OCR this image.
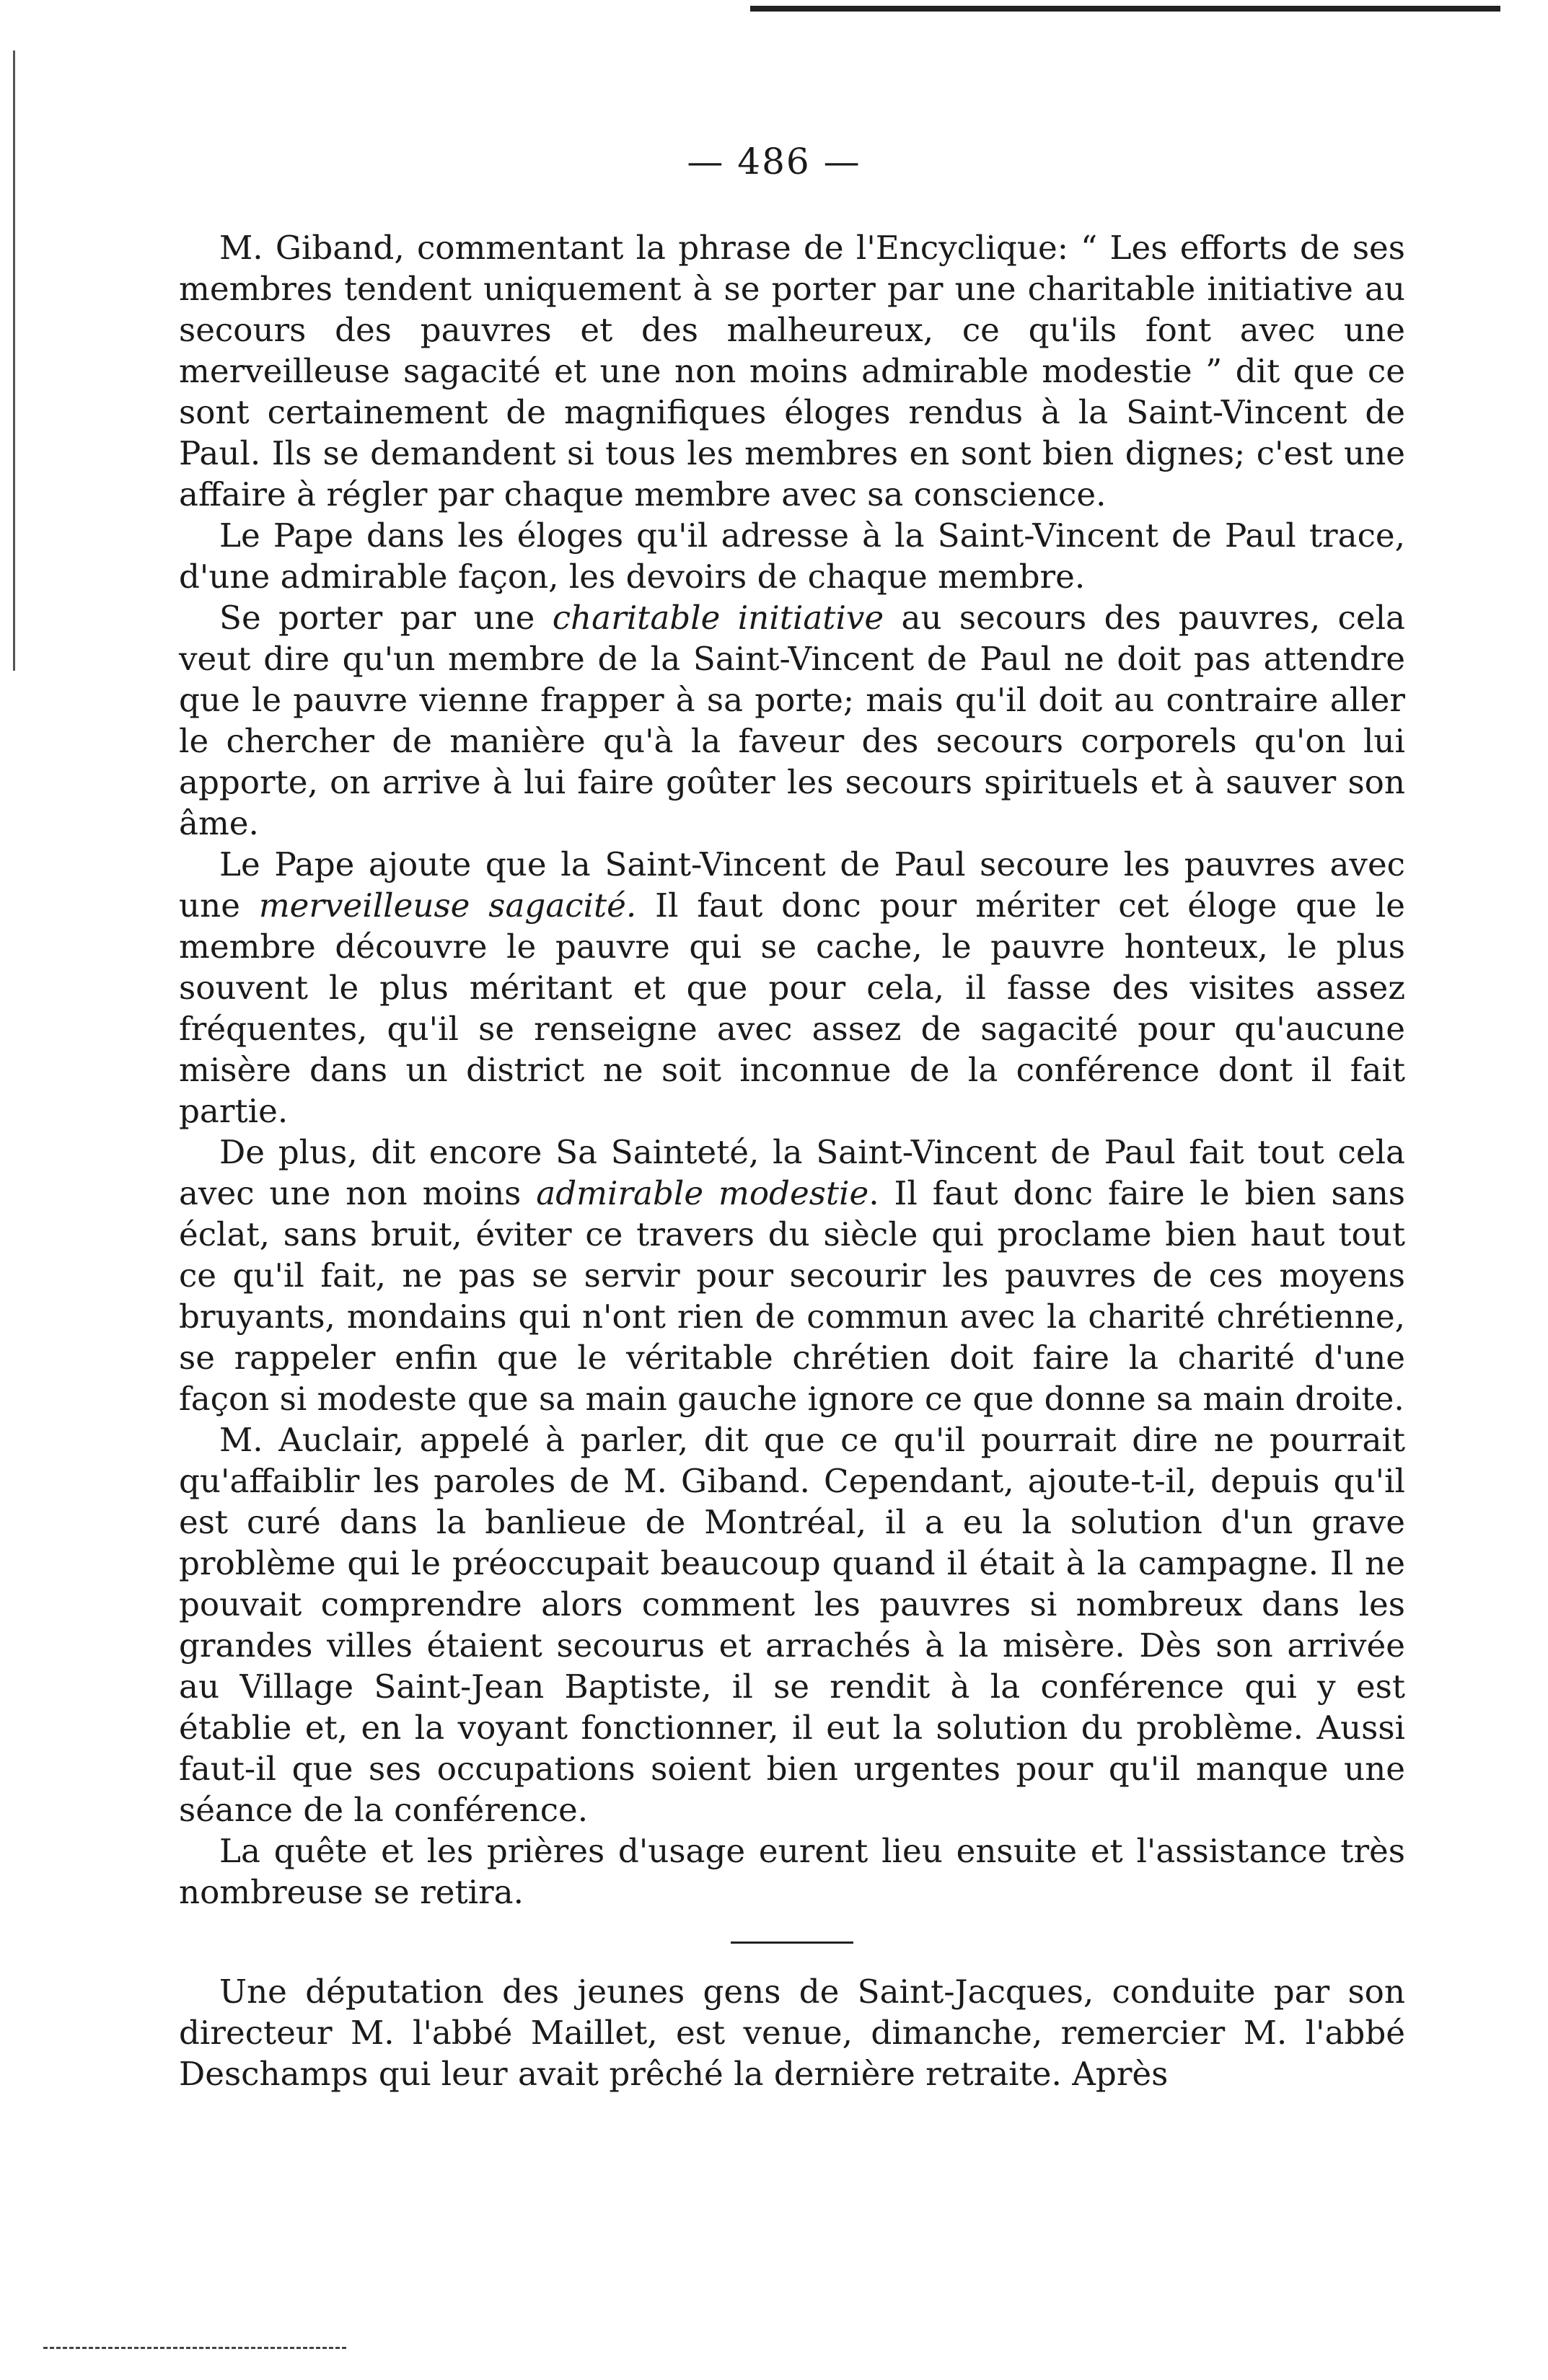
— 486 —

M. Giband, commentant la phrase de l'Encyclique: “ Les efforts de ses membres tendent uniquement à se porter par une charitable initiative au secours des pauvres et des malheureux, ce qu'ils font avec une merveilleuse sagacité et une non moins admirable modestie ” dit que ce sont certainement de magnifiques éloges rendus à la Saint-Vincent de Paul. Ils se demandent si tous les membres en sont bien dignes; c'est une affaire à régler par chaque membre avec sa conscience.

Le Pape dans les éloges qu'il adresse à la Saint-Vincent de Paul trace, d'une admirable façon, les devoirs de chaque membre.

Se porter par une charitable initiative au secours des pauvres, cela veut dire qu'un membre de la Saint-Vincent de Paul ne doit pas attendre que le pauvre vienne frapper à sa porte; mais qu'il doit au contraire aller le chercher de manière qu'à la faveur des secours corporels qu'on lui apporte, on arrive à lui faire goûter les secours spirituels et à sauver son âme.

Le Pape ajoute que la Saint-Vincent de Paul secoure les pauvres avec une merveilleuse sagacité. Il faut donc pour mériter cet éloge que le membre découvre le pauvre qui se cache, le pauvre honteux, le plus souvent le plus méritant et que pour cela, il fasse des visites assez fréquentes, qu'il se renseigne avec assez de sagacité pour qu'aucune misère dans un district ne soit inconnue de la conférence dont il fait partie.

De plus, dit encore Sa Sainteté, la Saint-Vincent de Paul fait tout cela avec une non moins admirable modestie. Il faut donc faire le bien sans éclat, sans bruit, éviter ce travers du siècle qui proclame bien haut tout ce qu'il fait, ne pas se servir pour secourir les pauvres de ces moyens bruyants, mondains qui n'ont rien de commun avec la charité chrétienne, se rappeler enfin que le véritable chrétien doit faire la charité d'une façon si modeste que sa main gauche ignore ce que donne sa main droite.

M. Auclair, appelé à parler, dit que ce qu'il pourrait dire ne pourrait qu'affaiblir les paroles de M. Giband. Cependant, ajoute-t-il, depuis qu'il est curé dans la banlieue de Montréal, il a eu la solution d'un grave problème qui le préoccupait beaucoup quand il était à la campagne. Il ne pouvait comprendre alors comment les pauvres si nombreux dans les grandes villes étaient secourus et arrachés à la misère. Dès son arrivée au Village Saint-Jean Baptiste, il se rendit à la conférence qui y est établie et, en la voyant fonctionner, il eut la solution du problème. Aussi faut-il que ses occupations soient bien urgentes pour qu'il manque une séance de la conférence.

La quête et les prières d'usage eurent lieu ensuite et l'assistance très nombreuse se retira.

Une députation des jeunes gens de Saint-Jacques, conduite par son directeur M. l'abbé Maillet, est venue, dimanche, remercier M. l'abbé Deschamps qui leur avait prêché la dernière retraite. Après
